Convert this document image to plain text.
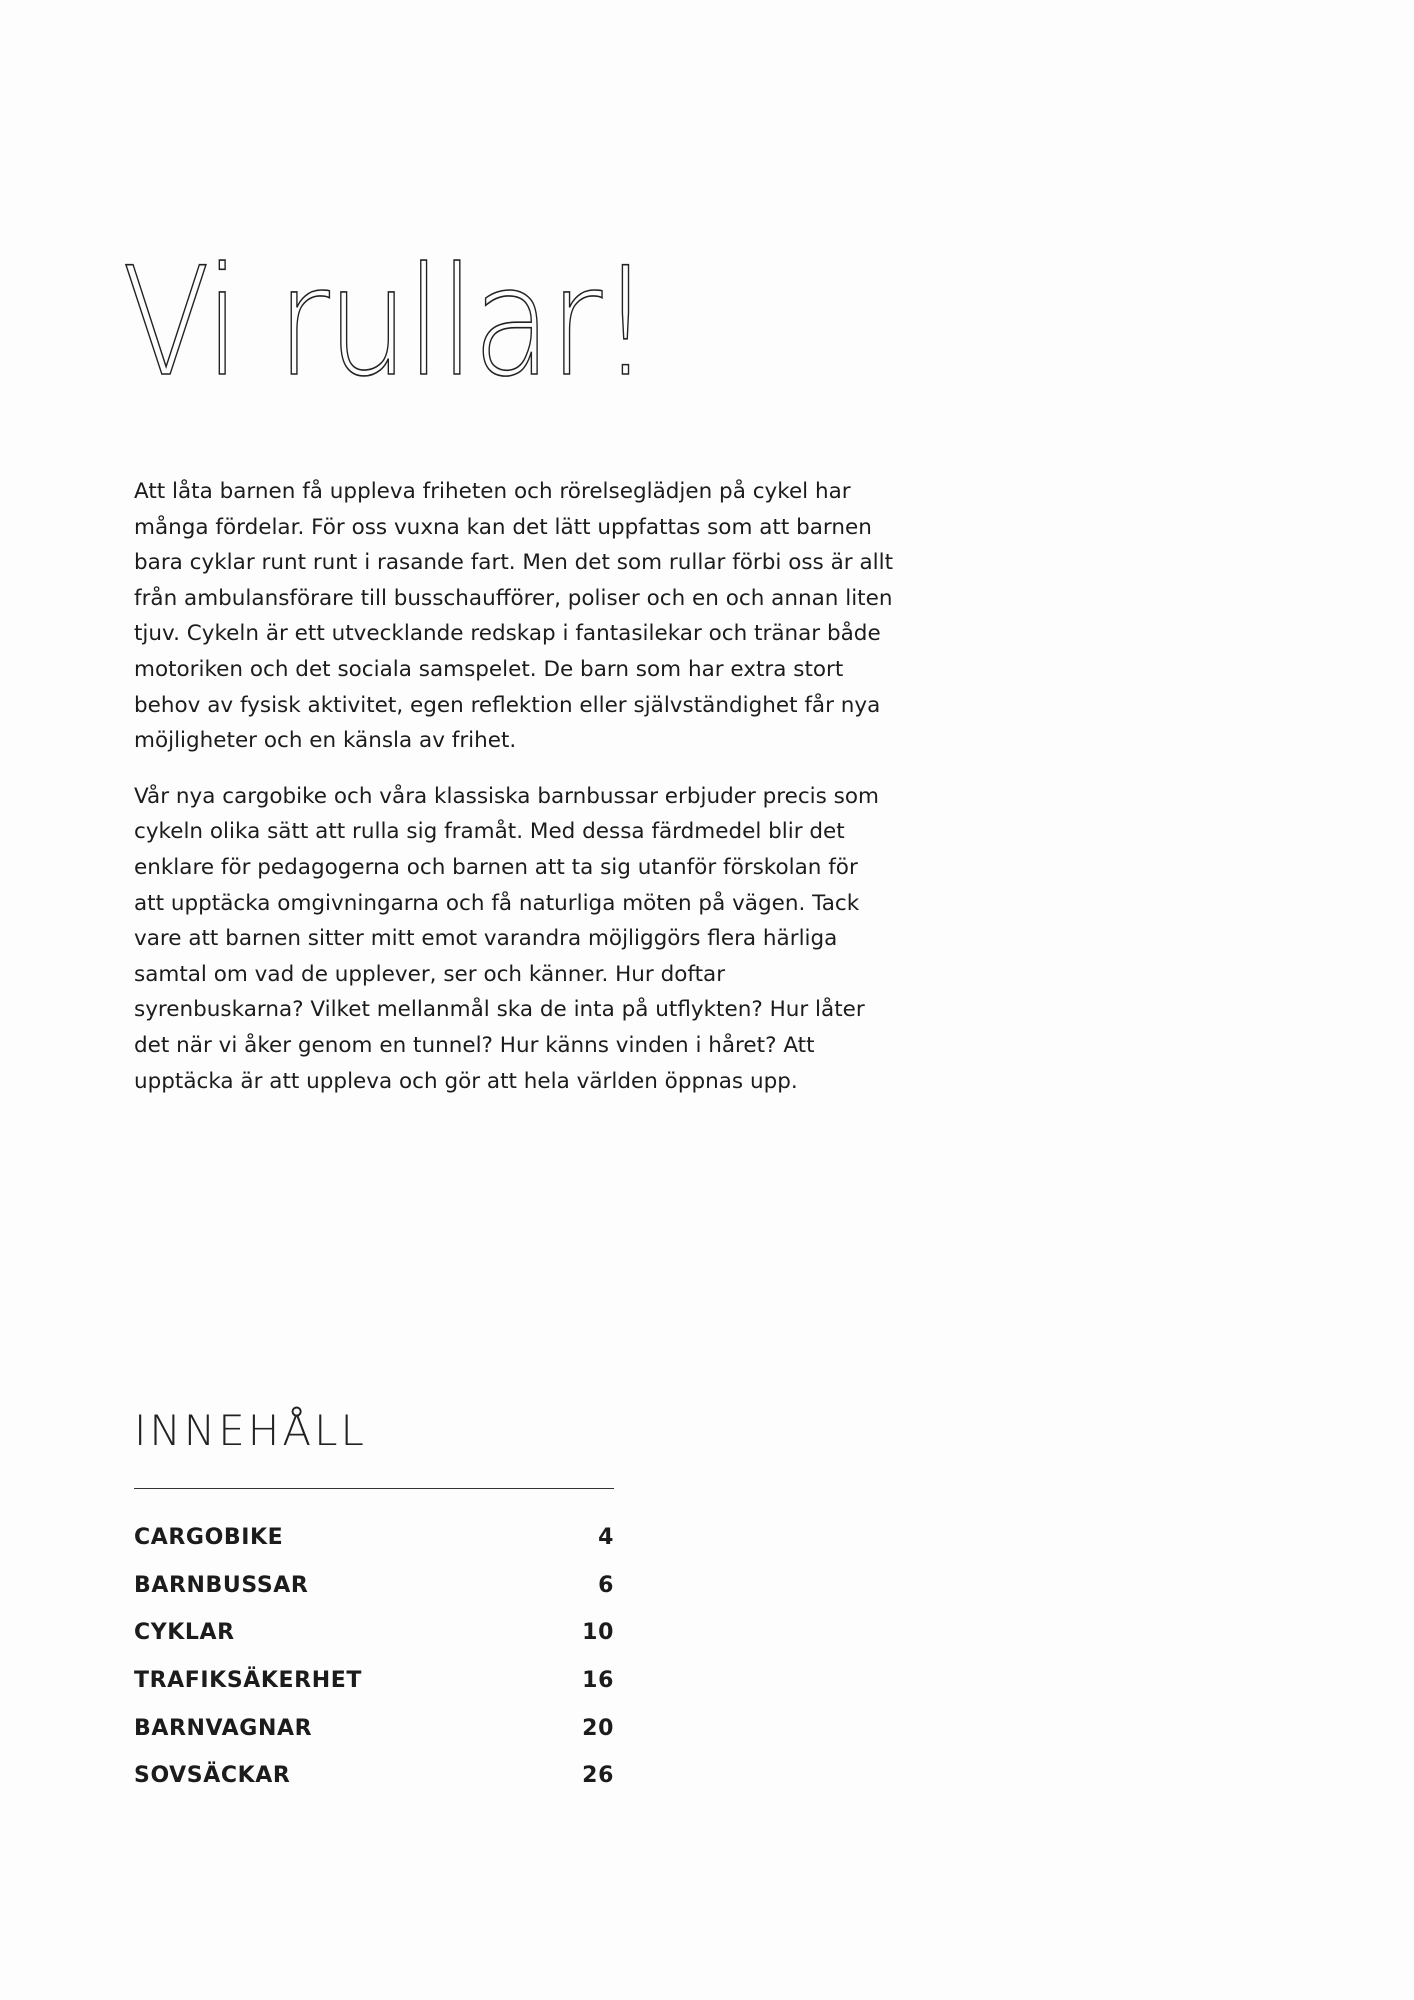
Vi rullar!

Att låta barnen få uppleva friheten och rörelseglädjen på cykel har många fördelar. För oss vuxna kan det lätt uppfattas som att barnen bara cyklar runt runt i rasande fart. Men det som rullar förbi oss är allt från ambulansförare till busschaufförer, poliser och en och annan liten tjuv. Cykeln är ett utvecklande redskap i fantasilekar och tränar både motoriken och det sociala samspelet. De barn som har extra stort behov av fysisk aktivitet, egen reflektion eller självständighet får nya möjligheter och en känsla av frihet.

Vår nya cargobike och våra klassiska barnbussar erbjuder precis som cykeln olika sätt att rulla sig framåt. Med dessa färdmedel blir det enklare för pedagogerna och barnen att ta sig utanför förskolan för att upptäcka omgivningarna och få naturliga möten på vägen. Tack vare att barnen sitter mitt emot varandra möjliggörs flera härliga samtal om vad de upplever, ser och känner. Hur doftar syrenbuskarna? Vilket mellanmål ska de inta på utflykten? Hur låter det när vi åker genom en tunnel? Hur känns vinden i håret? Att upptäcka är att uppleva och gör att hela världen öppnas upp.

INNEHÅLL
CARGOBIKE	4
BARNBUSSAR	6
CYKLAR	10
TRAFIKSÄKERHET	16
BARNVAGNAR	20
SOVSÄCKAR	26
